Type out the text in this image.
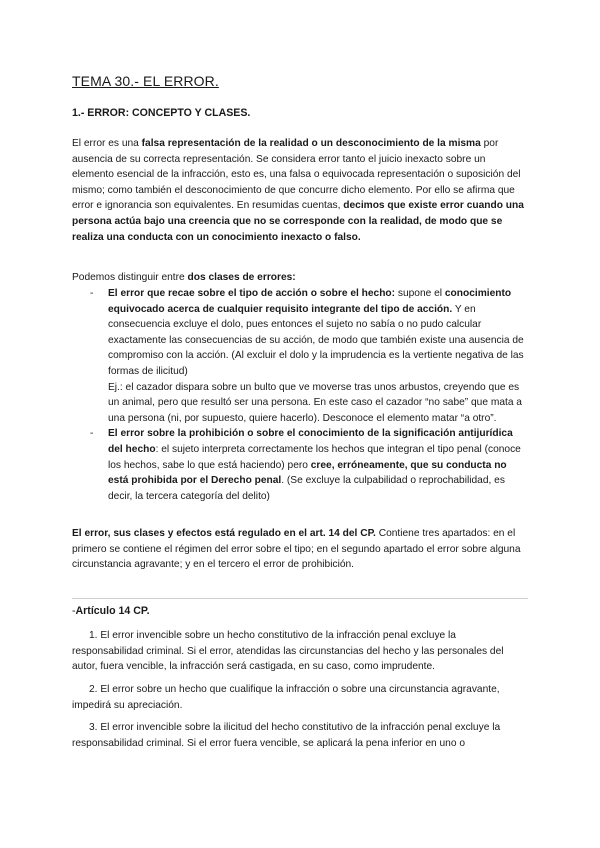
TEMA 30.- EL ERROR.
1.- ERROR: CONCEPTO Y CLASES.

El error es una falsa representación de la realidad o un desconocimiento de la misma por ausencia de su correcta representación. Se considera error tanto el juicio inexacto sobre un elemento esencial de la infracción, esto es, una falsa o equivocada representación o suposición del mismo; como también el desconocimiento de que concurre dicho elemento. Por ello se afirma que error e ignorancia son equivalentes. En resumidas cuentas, decimos que existe error cuando una persona actúa bajo una creencia que no se corresponde con la realidad, de modo que se realiza una conducta con un conocimiento inexacto o falso.

Podemos distinguir entre dos clases de errores:

- El error que recae sobre el tipo de acción o sobre el hecho: supone el conocimiento equivocado acerca de cualquier requisito integrante del tipo de acción. Y en consecuencia excluye el dolo, pues entonces el sujeto no sabía o no pudo calcular exactamente las consecuencias de su acción, de modo que también existe una ausencia de compromiso con la acción. (Al excluir el dolo y la imprudencia es la vertiente negativa de las formas de ilicitud)
Ej.: el cazador dispara sobre un bulto que ve moverse tras unos arbustos, creyendo que es un animal, pero que resultó ser una persona. En este caso el cazador “no sabe” que mata a una persona (ni, por supuesto, quiere hacerlo). Desconoce el elemento matar “a otro”.
- El error sobre la prohibición o sobre el conocimiento de la significación antijurídica del hecho: el sujeto interpreta correctamente los hechos que integran el tipo penal (conoce los hechos, sabe lo que está haciendo) pero cree, erróneamente, que su conducta no está prohibida por el Derecho penal. (Se excluye la culpabilidad o reprochabilidad, es decir, la tercera categoría del delito)

El error, sus clases y efectos está regulado en el art. 14 del CP. Contiene tres apartados: en el primero se contiene el régimen del error sobre el tipo; en el segundo apartado el error sobre alguna circunstancia agravante; y en el tercero el error de prohibición.

-Artículo 14 CP.

1. El error invencible sobre un hecho constitutivo de la infracción penal excluye la responsabilidad criminal. Si el error, atendidas las circunstancias del hecho y las personales del autor, fuera vencible, la infracción será castigada, en su caso, como imprudente.

2. El error sobre un hecho que cualifique la infracción o sobre una circunstancia agravante, impedirá su apreciación.

3. El error invencible sobre la ilicitud del hecho constitutivo de la infracción penal excluye la responsabilidad criminal. Si el error fuera vencible, se aplicará la pena inferior en uno o
